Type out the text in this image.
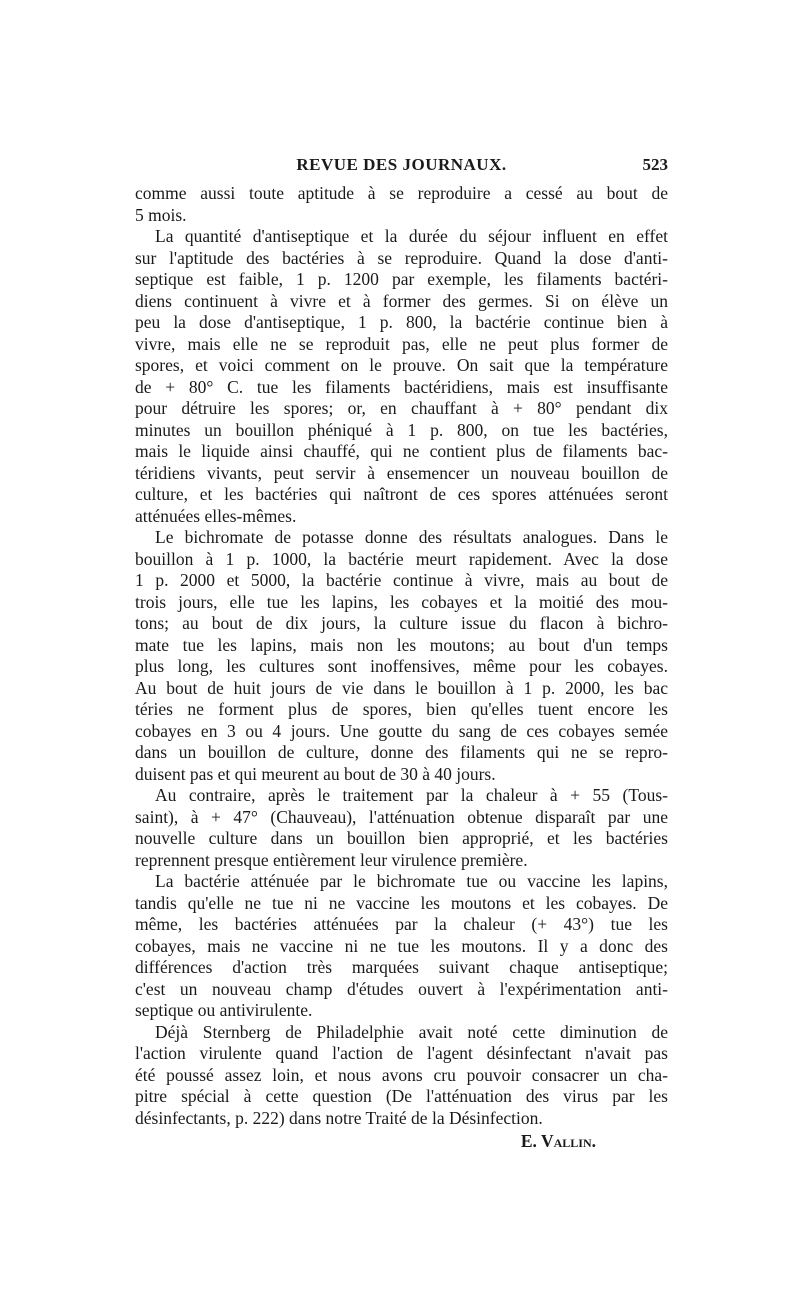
REVUE DES JOURNAUX.	523
comme aussi toute aptitude à se reproduire a cessé au bout de
5 mois.
La quantité d'antiseptique et la durée du séjour influent en effet
sur l'aptitude des bactéries à se reproduire. Quand la dose d'anti-
septique est faible, 1 p. 1200 par exemple, les filaments bactéri-
diens continuent à vivre et à former des germes. Si on élève un
peu la dose d'antiseptique, 1 p. 800, la bactérie continue bien à
vivre, mais elle ne se reproduit pas, elle ne peut plus former de
spores, et voici comment on le prouve. On sait que la température
de + 80° C. tue les filaments bactéridiens, mais est insuffisante
pour détruire les spores; or, en chauffant à + 80° pendant dix
minutes un bouillon phéniqué à 1 p. 800, on tue les bactéries,
mais le liquide ainsi chauffé, qui ne contient plus de filaments bac-
téridiens vivants, peut servir à ensemencer un nouveau bouillon de
culture, et les bactéries qui naîtront de ces spores atténuées seront
atténuées elles-mêmes.
Le bichromate de potasse donne des résultats analogues. Dans le
bouillon à 1 p. 1000, la bactérie meurt rapidement. Avec la dose
1 p. 2000 et 5000, la bactérie continue à vivre, mais au bout de
trois jours, elle tue les lapins, les cobayes et la moitié des mou-
tons; au bout de dix jours, la culture issue du flacon à bichro-
mate tue les lapins, mais non les moutons; au bout d'un temps
plus long, les cultures sont inoffensives, même pour les cobayes.
Au bout de huit jours de vie dans le bouillon à 1 p. 2000, les bac
téries ne forment plus de spores, bien qu'elles tuent encore les
cobayes en 3 ou 4 jours. Une goutte du sang de ces cobayes semée
dans un bouillon de culture, donne des filaments qui ne se repro-
duisent pas et qui meurent au bout de 30 à 40 jours.
Au contraire, après le traitement par la chaleur à + 55 (Tous-
saint), à + 47° (Chauveau), l'atténuation obtenue disparaît par une
nouvelle culture dans un bouillon bien approprié, et les bactéries
reprennent presque entièrement leur virulence première.
La bactérie atténuée par le bichromate tue ou vaccine les lapins,
tandis qu'elle ne tue ni ne vaccine les moutons et les cobayes. De
même, les bactéries atténuées par la chaleur (+ 43°) tue les
cobayes, mais ne vaccine ni ne tue les moutons. Il y a donc des
différences d'action très marquées suivant chaque antiseptique;
c'est un nouveau champ d'études ouvert à l'expérimentation anti-
septique ou antivirulente.
Déjà Sternberg de Philadelphie avait noté cette diminution de
l'action virulente quand l'action de l'agent désinfectant n'avait pas
été poussé assez loin, et nous avons cru pouvoir consacrer un cha-
pitre spécial à cette question (De l'atténuation des virus par les
désinfectants, p. 222) dans notre Traité de la Désinfection.
E. Vallin.
